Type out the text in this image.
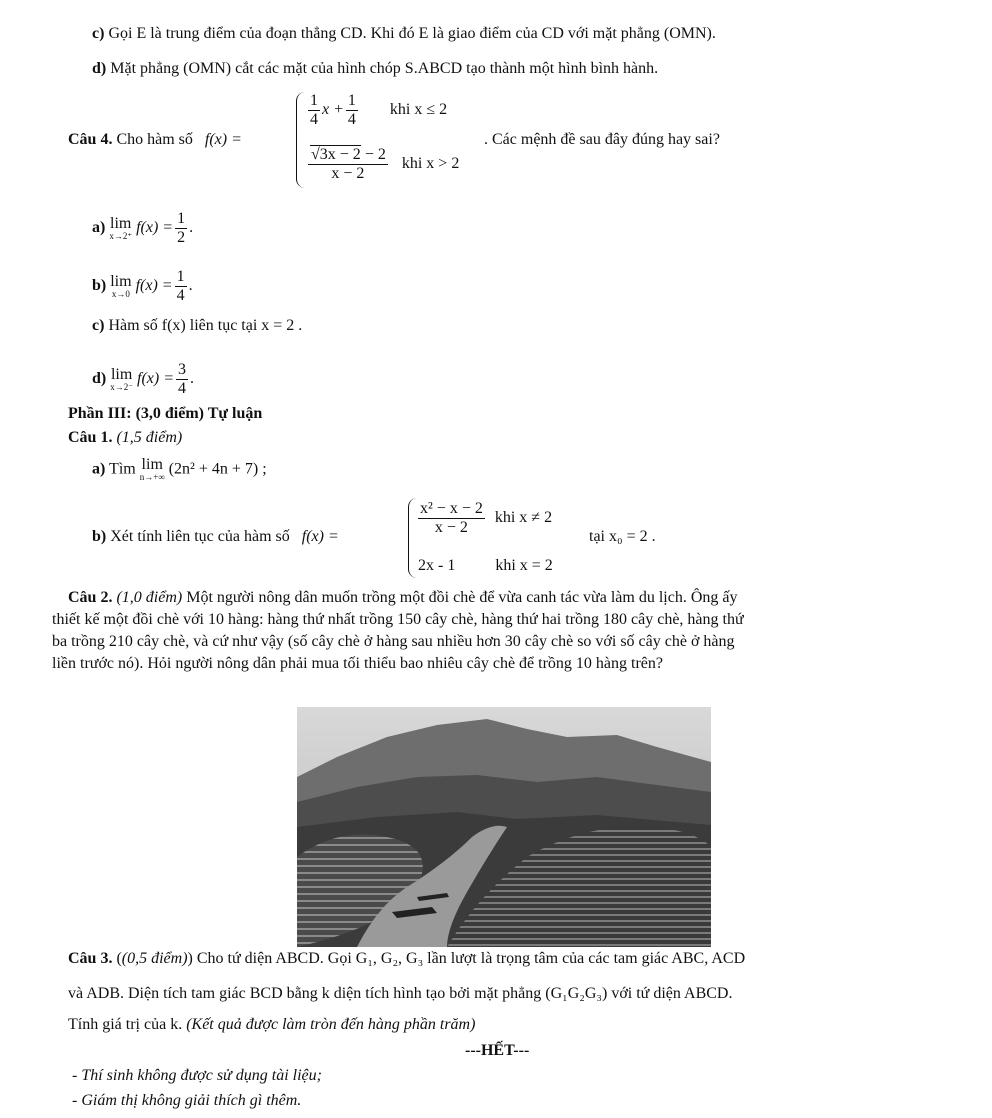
c) Gọi E là trung điểm của đoạn thẳng CD. Khi đó E là giao điểm của CD với mặt phẳng (OMN).
d) Mặt phẳng (OMN) cắt các mặt của hình chóp S.ABCD tạo thành một hình bình hành.
Câu 4. Cho hàm số f(x) =
$\frac{1}{4}$ $x + \frac{1}{4}$ khi x ≤ 2
$\frac{√3x - 2 - 2}{x - 2}$ khi x > 2
. Các mệnh đề sau đây đúng hay sai?
a) lim
x→2⁺ $f(x) = \frac{1}{2}$ .
b) lim
x→0 $f(x) = \frac{1}{4}$ .
c) Hàm số f(x) liên tục tại x = 2 .
d) lim
x→2⁻ $f(x) = \frac{3}{4}$ .
Phần III: (3,0 điểm) Tự luận
Câu 1. (1,5 điểm)
a) Tìm lim
n→+∞ (2n² + 4n + 7) ;
b) Xét tính liên tục của hàm số f(x) =	$\frac{\text{x² − x − 2}}{x - 2}$ khi x ≠ 2
2x - 1	khi x = 2
tại x₀ = 2 .
Câu 2. (1,0 điểm) Một người nông dân muốn trồng một đồi chè để vừa canh tác vừa làm du lịch. Ông ấy
thiết kế một đồi chè với 10 hàng: hàng thứ nhất trồng 150 cây chè, hàng thứ hai trồng 180 cây chè, hàng thứ
ba trồng 210 cây chè, và cứ như vậy (số cây chè ở hàng sau nhiều hơn 30 cây chè so với số cây chè ở hàng
liền trước nó). Hỏi người nông dân phải mua tối thiểu bao nhiêu cây chè để trồng 10 hàng trên?
Câu 3. ((0,5 điểm)) Cho tứ diện ABCD. Gọi G₁, G₂, G₃ lần lượt là trọng tâm của các tam giác ABC, ACD
và ADB. Diện tích tam giác BCD bằng k diện tích hình tạo bởi mặt phẳng (G₁G₂G₃) với tứ diện ABCD.
Tính giá trị của k. (Kết quả được làm tròn đến hàng phần trăm)
---HẾT---
- Thí sinh không được sử dụng tài liệu;
- Giám thị không giải thích gì thêm.
